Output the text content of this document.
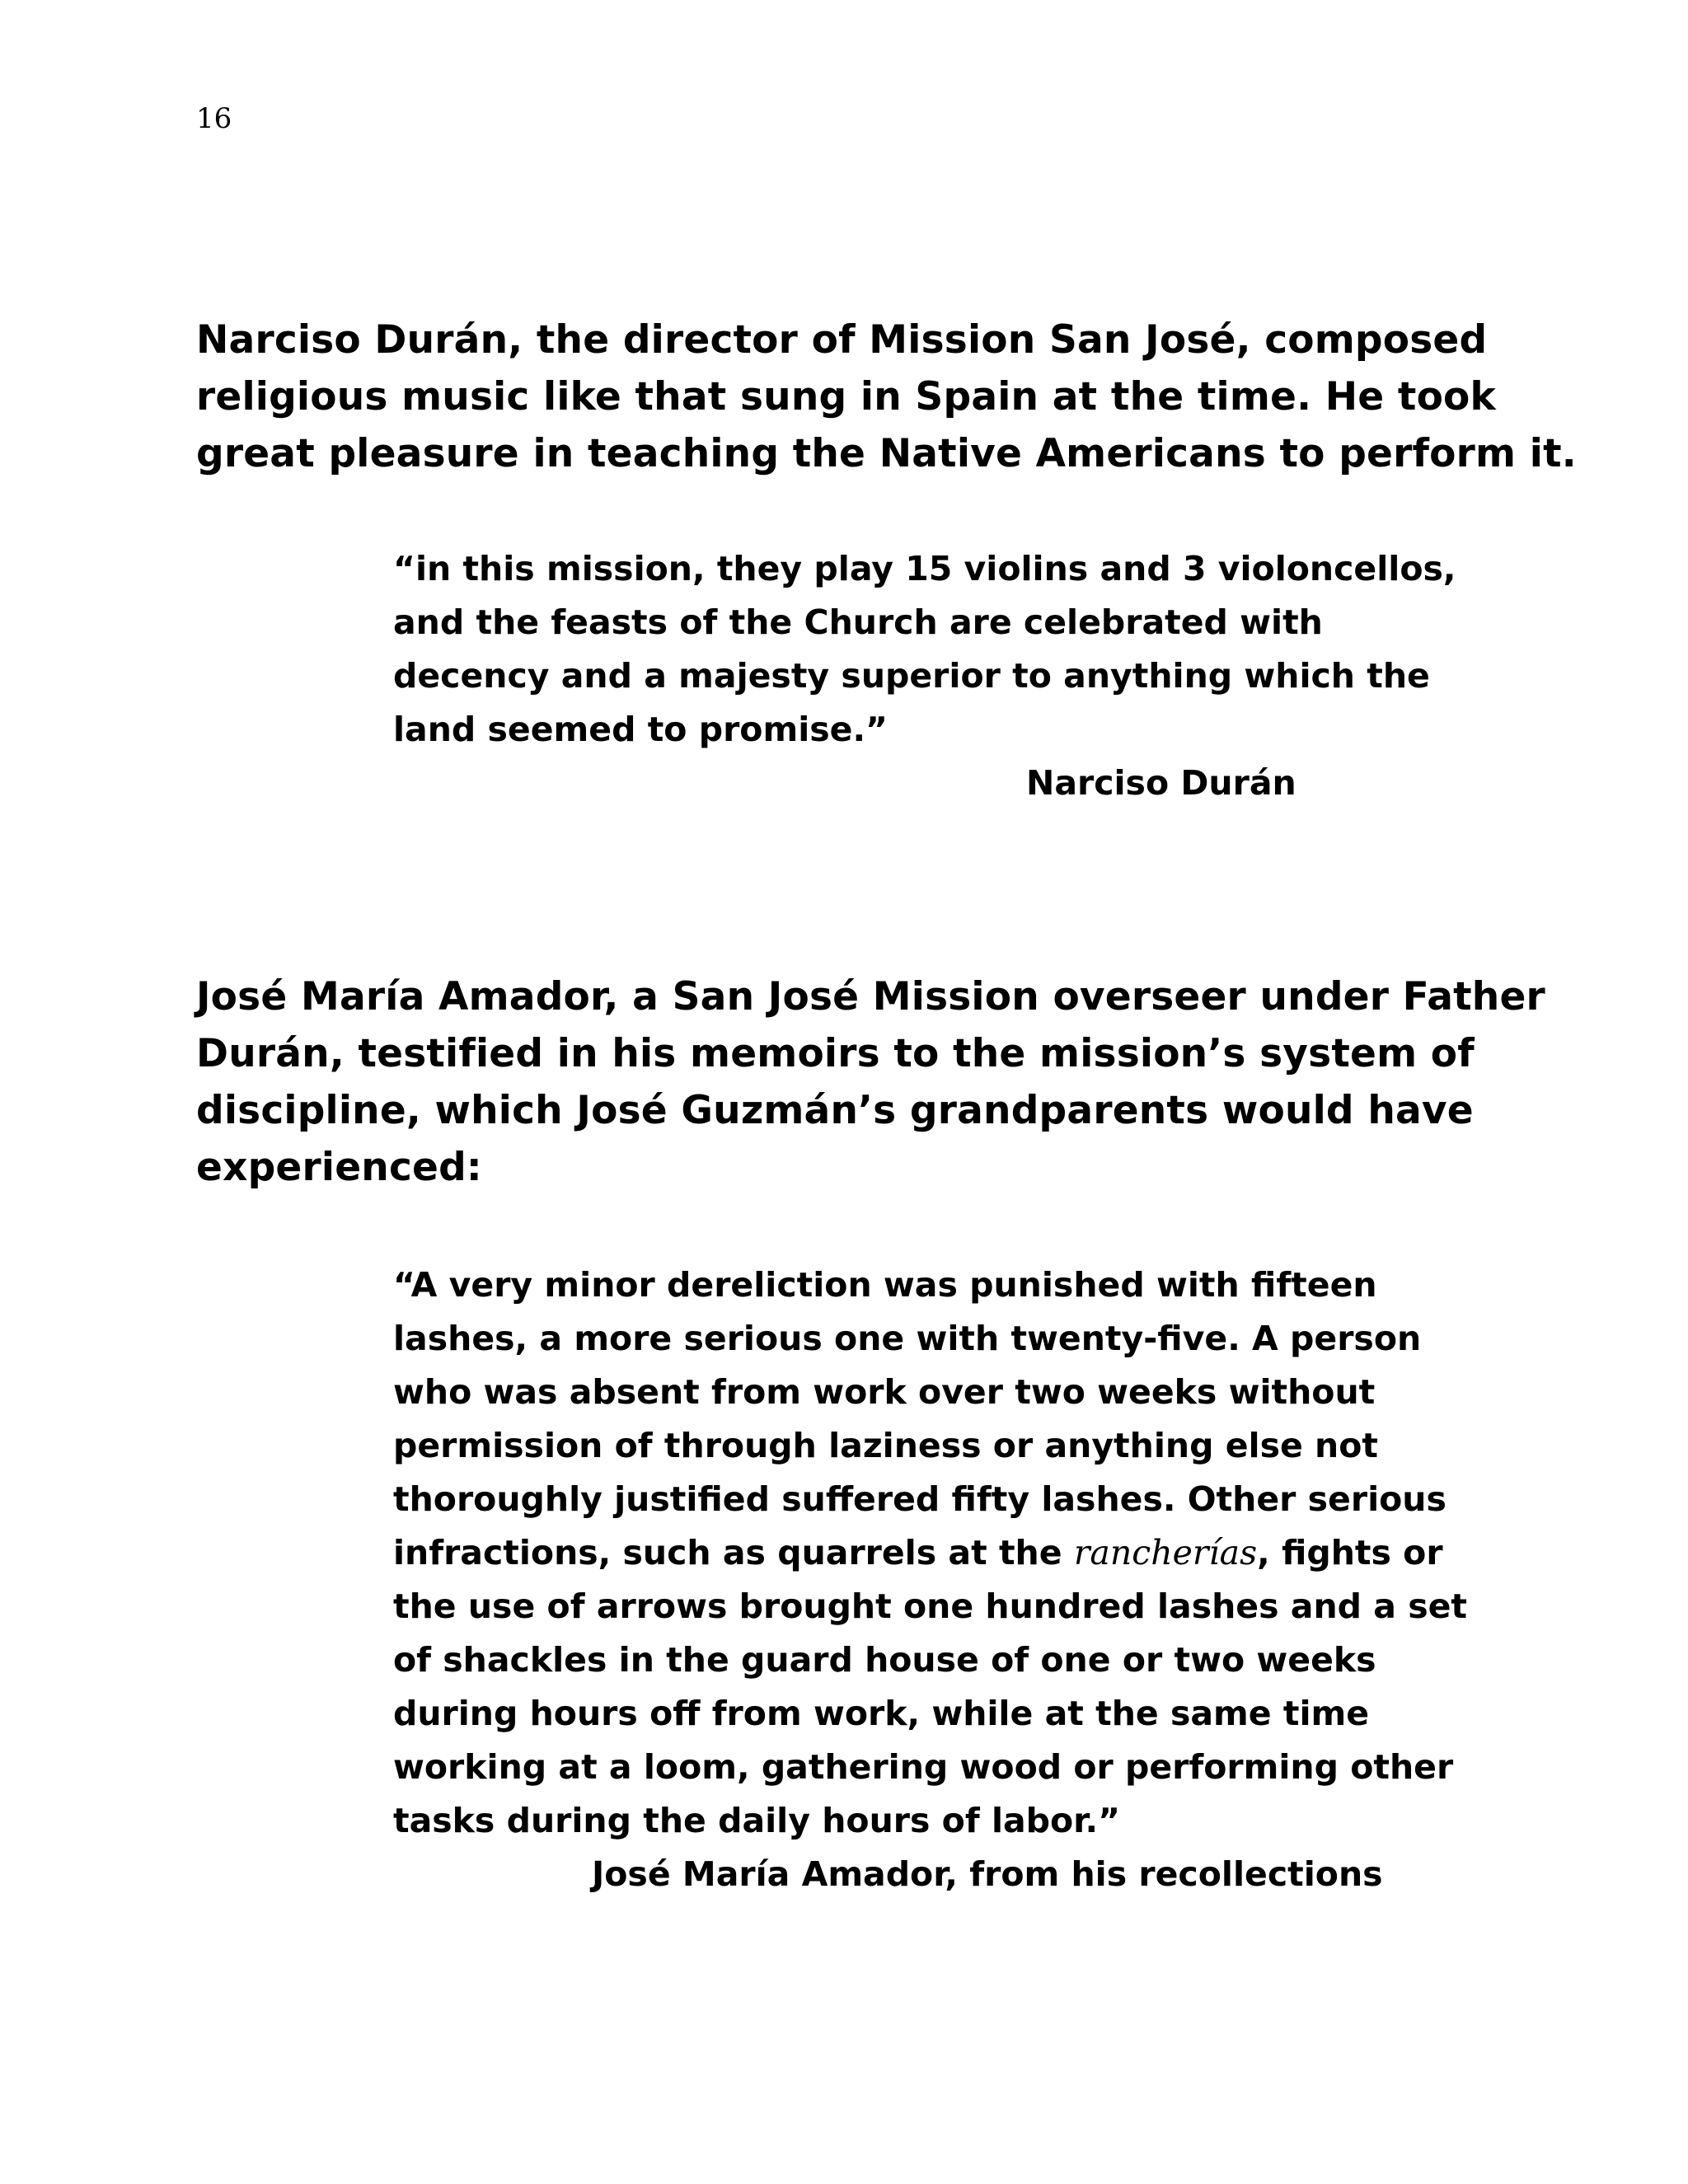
16
Narciso Durán, the director of Mission San José, composed
religious music like that sung in Spain at the time. He took
great pleasure in teaching the Native Americans to perform it.
“in this mission, they play 15 violins and 3 violoncellos,
and the feasts of the Church are celebrated with
decency and a majesty superior to anything which the
land seemed to promise.”
Narciso Durán
José María Amador, a San José Mission overseer under Father
Durán, testified in his memoirs to the mission’s system of
discipline, which José Guzmán’s grandparents would have
experienced:
“A very minor dereliction was punished with fifteen
lashes, a more serious one with twenty-five. A person
who was absent from work over two weeks without
permission of through laziness or anything else not
thoroughly justified suffered fifty lashes. Other serious
infractions, such as quarrels at the rancherías, fights or
the use of arrows brought one hundred lashes and a set
of shackles in the guard house of one or two weeks
during hours off from work, while at the same time
working at a loom, gathering wood or performing other
tasks during the daily hours of labor.”
José María Amador, from his recollections
